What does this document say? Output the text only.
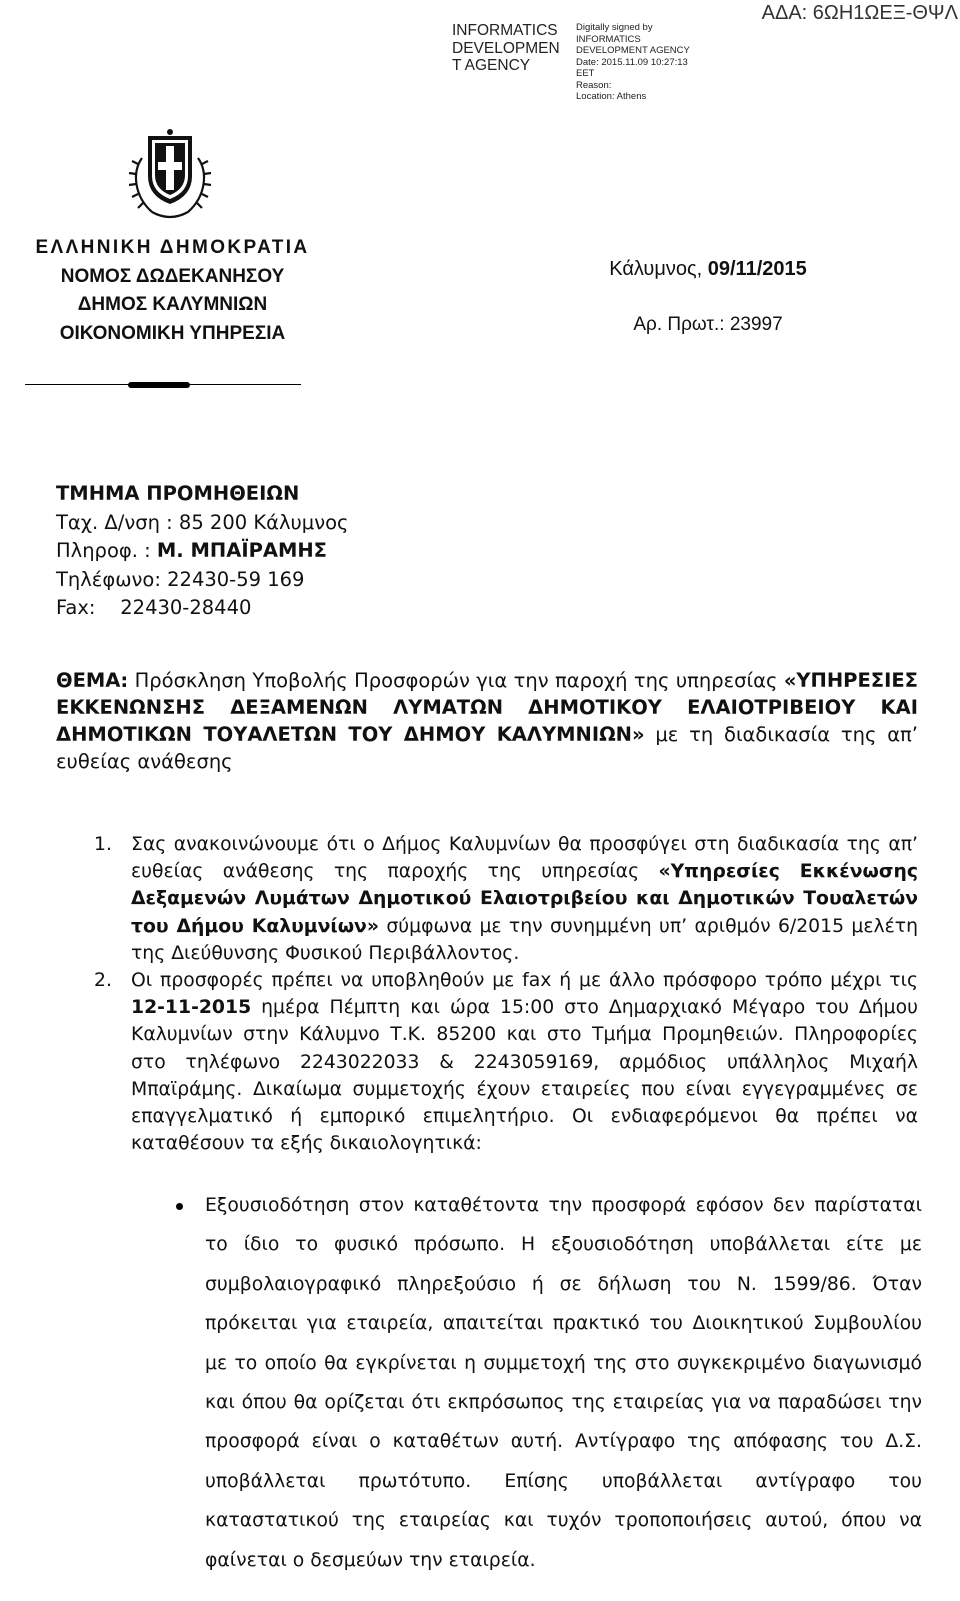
INFORMATICS
DEVELOPMEN
T AGENCY
Digitally signed by
INFORMATICS
DEVELOPMENT AGENCY
Date: 2015.11.09 10:27:13
EET
Reason:
Location: Athens
ΑΔΑ: 6ΩΗ1ΩΕΞ-ΘΨΛ
ΕΛΛΗΝΙΚΗ ΔΗΜΟΚΡΑΤΙΑ
ΝΟΜΟΣ ΔΩΔΕΚΑΝΗΣΟΥ
ΔΗΜΟΣ ΚΑΛΥΜΝΙΩΝ
ΟΙΚΟΝΟΜΙΚΗ ΥΠΗΡΕΣΙΑ
Κάλυμνος, 09/11/2015
Αρ. Πρωτ.: 23997
ΤΜΗΜΑ ΠΡΟΜΗΘΕΙΩΝ
Ταχ. Δ/νση : 85 200 Κάλυμνος
Πληροφ. : Μ. ΜΠΑΪΡΑΜΗΣ
Τηλέφωνο: 22430-59 169
Fax:    22430-28440
ΘΕΜΑ: Πρόσκληση Υποβολής Προσφορών για την παροχή της υπηρεσίας «ΥΠΗΡΕΣΙΕΣ ΕΚΚΕΝΩΝΣΗΣ ΔΕΞΑΜΕΝΩΝ ΛΥΜΑΤΩΝ ΔΗΜΟΤΙΚΟΥ ΕΛΑΙΟΤΡΙΒΕΙΟΥ ΚΑΙ ΔΗΜΟΤΙΚΩΝ ΤΟΥΑΛΕΤΩΝ ΤΟΥ ΔΗΜΟΥ ΚΑΛΥΜΝΙΩΝ» με τη διαδικασία της απ’ ευθείας ανάθεσης
1. Σας ανακοινώνουμε ότι ο Δήμος Καλυμνίων θα προσφύγει στη διαδικασία της απ’ ευθείας ανάθεσης της παροχής της υπηρεσίας «Υπηρεσίες Εκκένωσης Δεξαμενών Λυμάτων Δημοτικού Ελαιοτριβείου και Δημοτικών Τουαλετών του Δήμου Καλυμνίων» σύμφωνα με την συνημμένη υπ’ αριθμόν 6/2015 μελέτη της Διεύθυνσης Φυσικού Περιβάλλοντος.
2. Οι προσφορές πρέπει να υποβληθούν με fax ή με άλλο πρόσφορο τρόπο μέχρι τις 12-11-2015 ημέρα Πέμπτη και ώρα 15:00 στο Δημαρχιακό Μέγαρο του Δήμου Καλυμνίων στην Κάλυμνο Τ.Κ. 85200 και στο Τμήμα Προμηθειών. Πληροφορίες στο τηλέφωνο 2243022033 & 2243059169, αρμόδιος υπάλληλος Μιχαήλ Μπαϊράμης. Δικαίωμα συμμετοχής έχουν εταιρείες που είναι εγγεγραμμένες σε επαγγελματικό ή εμπορικό επιμελητήριο. Οι ενδιαφερόμενοι θα πρέπει να καταθέσουν τα εξής δικαιολογητικά:
Εξουσιοδότηση στον καταθέτοντα την προσφορά εφόσον δεν παρίσταται το ίδιο το φυσικό πρόσωπο. Η εξουσιοδότηση υποβάλλεται είτε με συμβολαιογραφικό πληρεξούσιο ή σε δήλωση του Ν. 1599/86. Όταν πρόκειται για εταιρεία, απαιτείται πρακτικό του Διοικητικού Συμβουλίου με το οποίο θα εγκρίνεται η συμμετοχή της στο συγκεκριμένο διαγωνισμό και όπου θα ορίζεται ότι εκπρόσωπος της εταιρείας για να παραδώσει την προσφορά είναι ο καταθέτων αυτή. Αντίγραφο της απόφασης του Δ.Σ. υποβάλλεται πρωτότυπο. Επίσης υποβάλλεται αντίγραφο του καταστατικού της εταιρείας και τυχόν τροποποιήσεις αυτού, όπου να φαίνεται ο δεσμεύων την εταιρεία.
